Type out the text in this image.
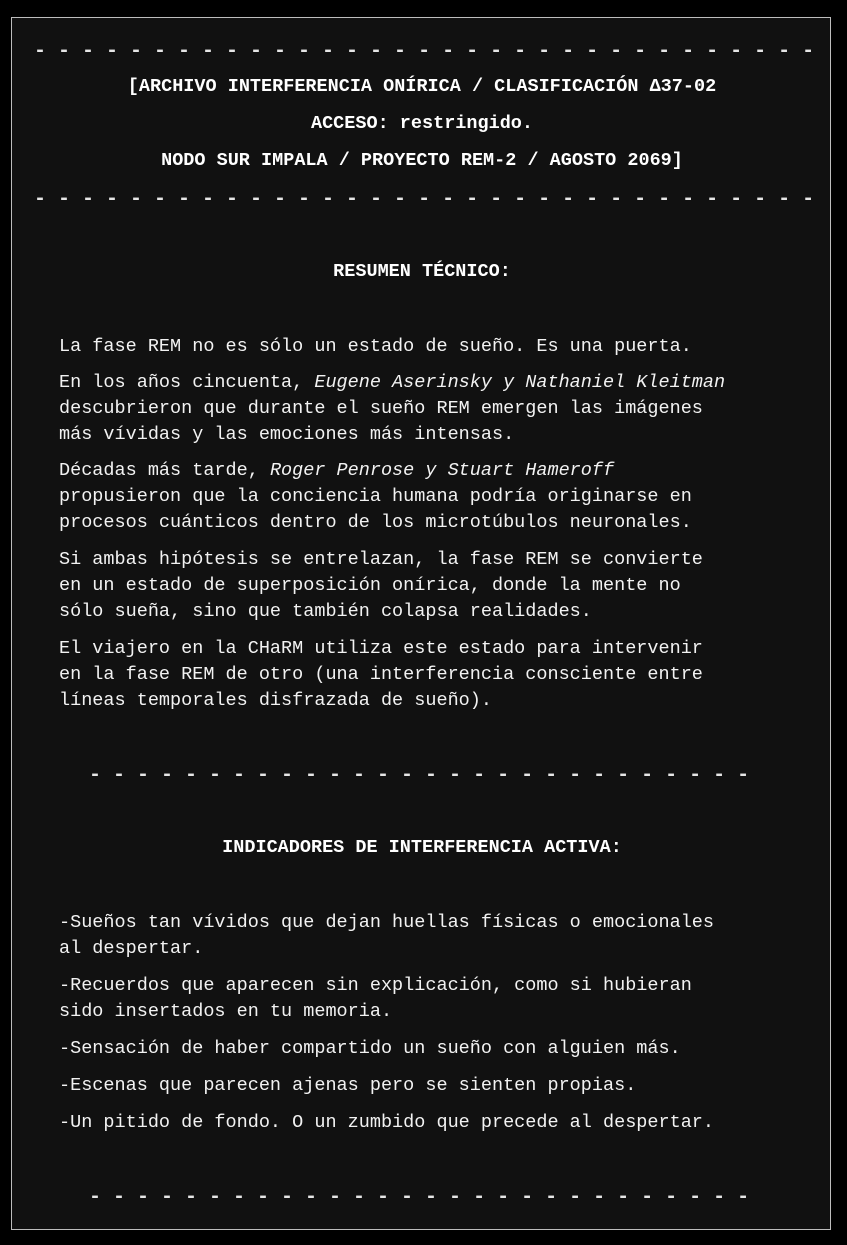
- - - - - - - - - - - - - - - - - - - - - - - - - - - - - - - - -
[ARCHIVO INTERFERENCIA ONÍRICA / CLASIFICACIÓN Δ37-02
ACCESO: restringido.
NODO SUR IMPALA / PROYECTO REM-2 / AGOSTO 2069]
- - - - - - - - - - - - - - - - - - - - - - - - - - - - - - - - -
RESUMEN TÉCNICO:
La fase REM no es sólo un estado de sueño. Es una puerta.
En los años cincuenta, Eugene Aserinsky y Nathaniel Kleitman
descubrieron que durante el sueño REM emergen las imágenes
más vívidas y las emociones más intensas.
Décadas más tarde, Roger Penrose y Stuart Hameroff
propusieron que la conciencia humana podría originarse en
procesos cuánticos dentro de los microtúbulos neuronales.
Si ambas hipótesis se entrelazan, la fase REM se convierte
en un estado de superposición onírica, donde la mente no
sólo sueña, sino que también colapsa realidades.
El viajero en la CHaRM utiliza este estado para intervenir
en la fase REM de otro (una interferencia consciente entre
líneas temporales disfrazada de sueño).
- - - - - - - - - - - - - - - - - - - - - - - - - - - -
INDICADORES DE INTERFERENCIA ACTIVA:
-Sueños tan vívidos que dejan huellas físicas o emocionales
al despertar.
-Recuerdos que aparecen sin explicación, como si hubieran
sido insertados en tu memoria.
-Sensación de haber compartido un sueño con alguien más.
-Escenas que parecen ajenas pero se sienten propias.
-Un pitido de fondo. O un zumbido que precede al despertar.
- - - - - - - - - - - - - - - - - - - - - - - - - - - -
